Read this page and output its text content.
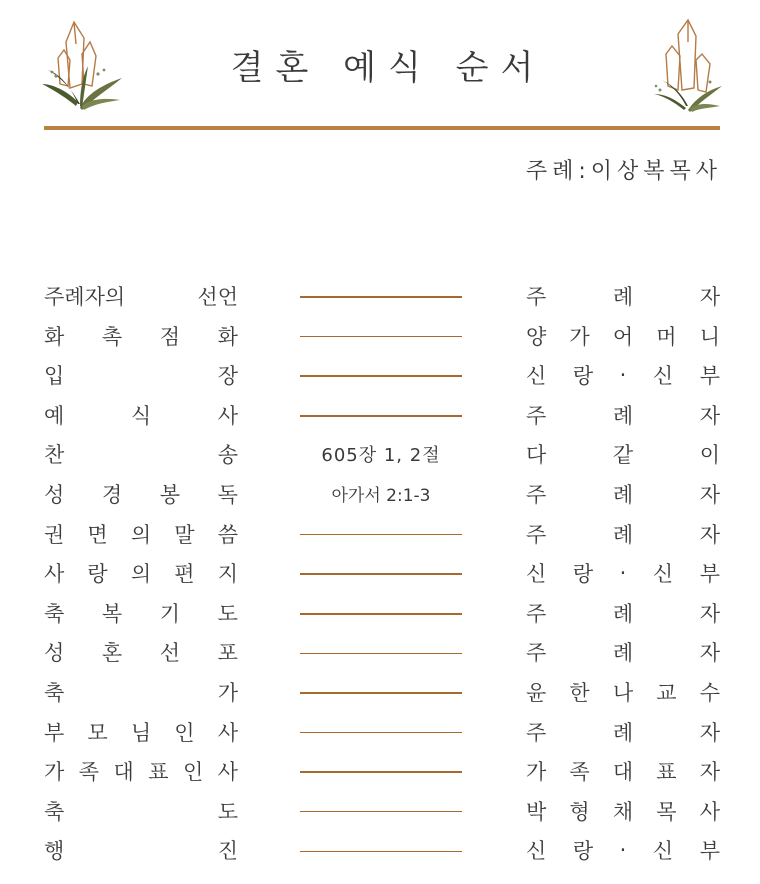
결혼 예식 순서
주례:이상복목사
주례자의	선언	주	례	자
화 촉 점 화	양 가 어 머 니
입	장	신 랑 · 신 부
예	식	사	주	례	자
찬	송	605장 1, 2절	다	같	이
성 경 봉 독	아가서 2:1-3	주	례	자
권 면 의 말 씀	주	례	자
사 랑 의 편 지	신 랑 · 신 부
축 복 기 도	주	례	자
성 혼 선 포	주	례	자
축	가	윤 한 나 교 수
부 모 님 인 사	주	례	자
가 족 대 표 인 사	가 족 대 표 자
축	도	박 형 채 목 사
행	진	신 랑 · 신 부
